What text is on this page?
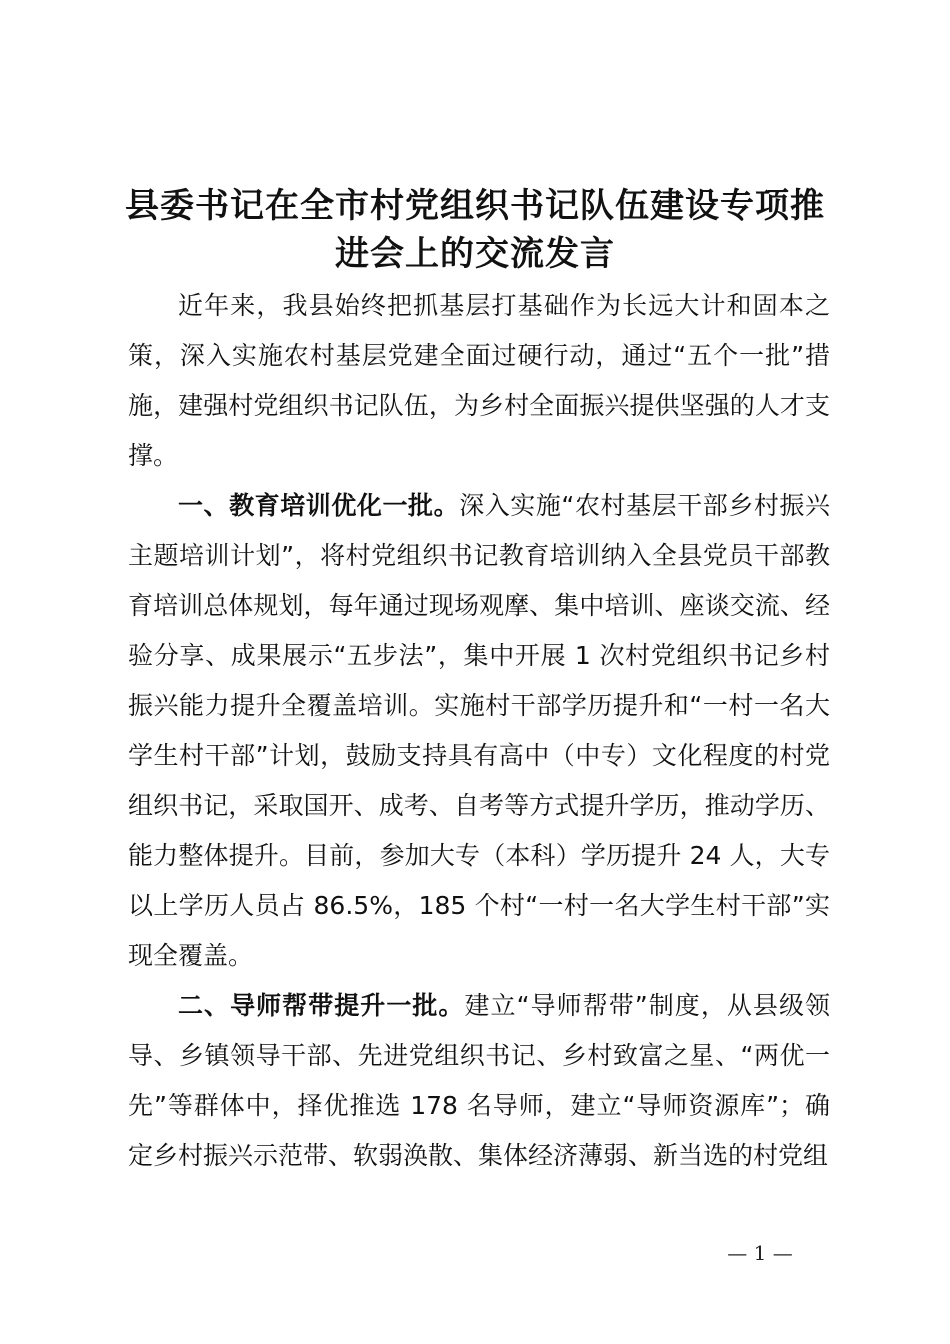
县委书记在全市村党组织书记队伍建设专项推
进会上的交流发言

近年来，我县始终把抓基层打基础作为长远大计和固本之策，深入实施农村基层党建全面过硬行动，通过“五个一批”措施，建强村党组织书记队伍，为乡村全面振兴提供坚强的人才支撑。

一、教育培训优化一批。深入实施“农村基层干部乡村振兴主题培训计划”，将村党组织书记教育培训纳入全县党员干部教育培训总体规划，每年通过现场观摩、集中培训、座谈交流、经验分享、成果展示“五步法”，集中开展 1 次村党组织书记乡村振兴能力提升全覆盖培训。实施村干部学历提升和“一村一名大学生村干部”计划，鼓励支持具有高中（中专）文化程度的村党组织书记，采取国开、成考、自考等方式提升学历，推动学历、能力整体提升。目前，参加大专（本科）学历提升 24 人，大专以上学历人员占 86.5%，185 个村“一村一名大学生村干部”实现全覆盖。

二、导师帮带提升一批。建立“导师帮带”制度，从县级领导、乡镇领导干部、先进党组织书记、乡村致富之星、“两优一先”等群体中，择优推选 178 名导师，建立“导师资源库”；确定乡村振兴示范带、软弱涣散、集体经济薄弱、新当选的村党组

— 1 —
